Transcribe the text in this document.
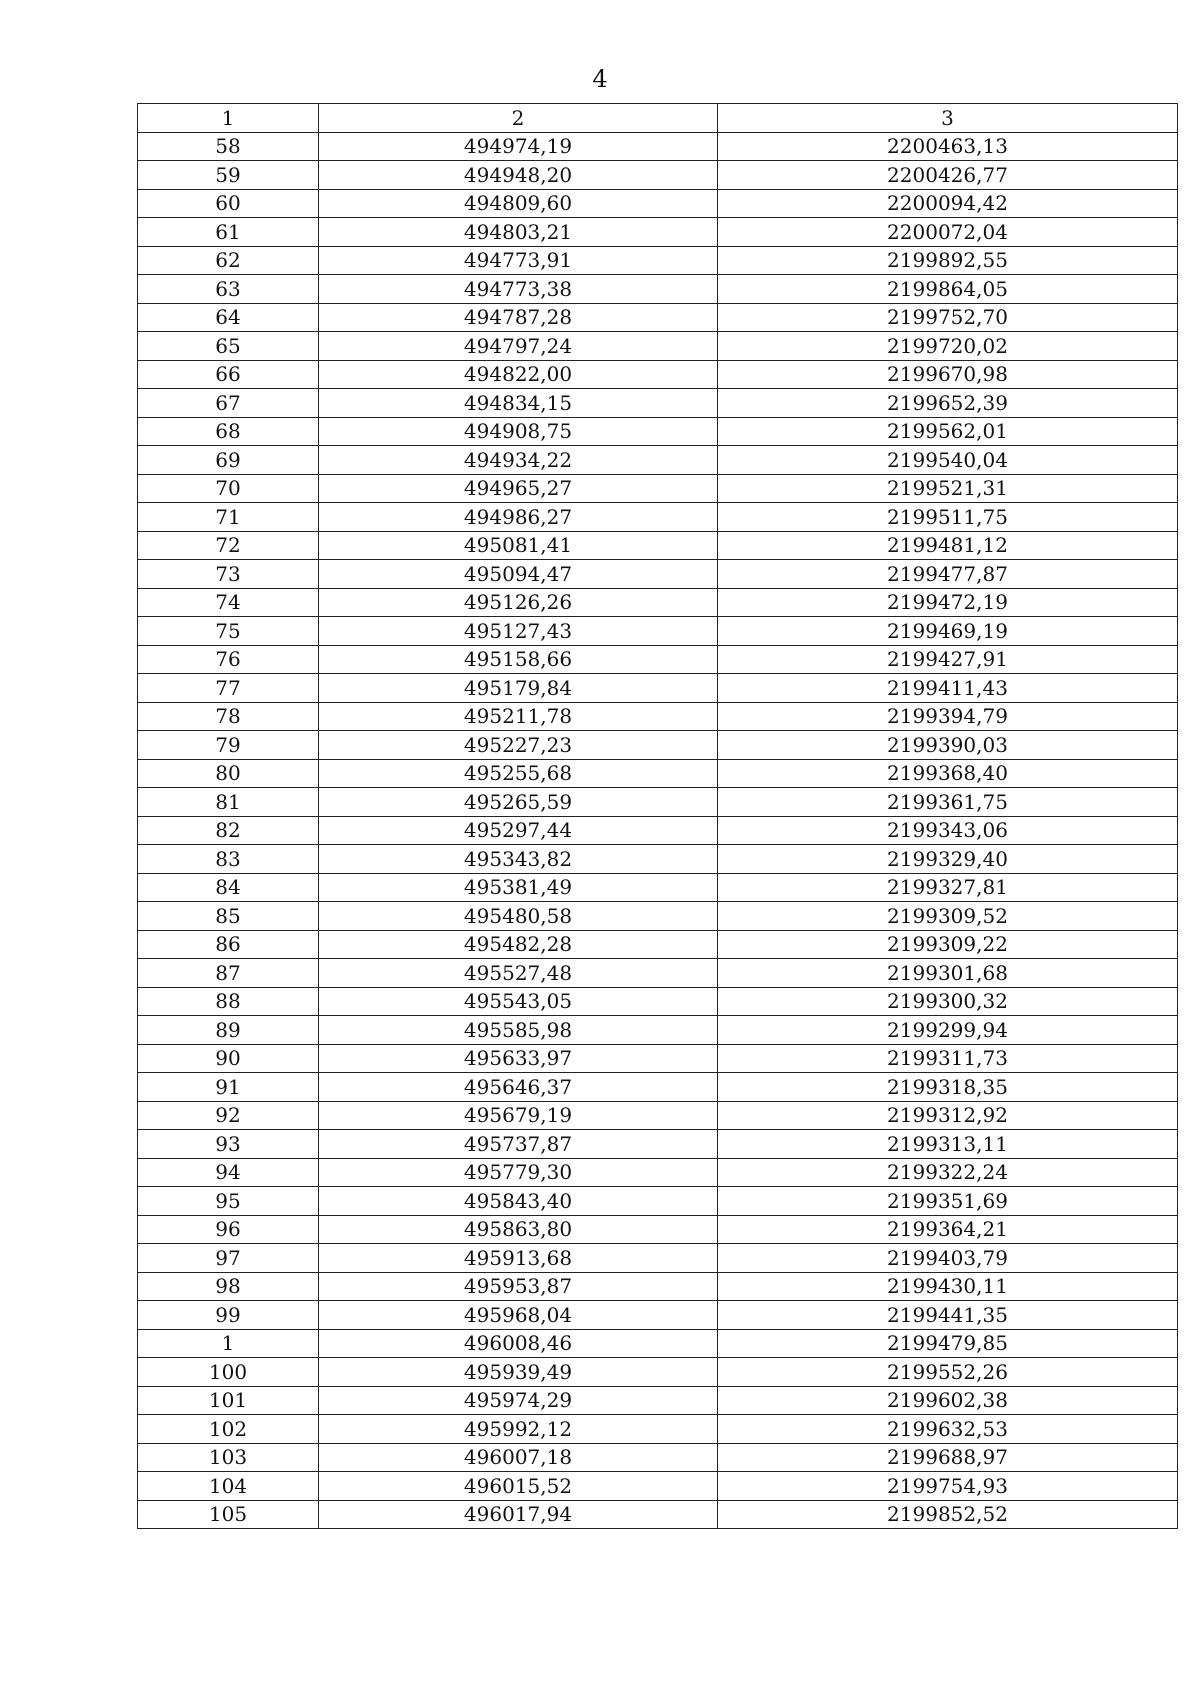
4
1	2	3
58	494974,19	2200463,13
59	494948,20	2200426,77
60	494809,60	2200094,42
61	494803,21	2200072,04
62	494773,91	2199892,55
63	494773,38	2199864,05
64	494787,28	2199752,70
65	494797,24	2199720,02
66	494822,00	2199670,98
67	494834,15	2199652,39
68	494908,75	2199562,01
69	494934,22	2199540,04
70	494965,27	2199521,31
71	494986,27	2199511,75
72	495081,41	2199481,12
73	495094,47	2199477,87
74	495126,26	2199472,19
75	495127,43	2199469,19
76	495158,66	2199427,91
77	495179,84	2199411,43
78	495211,78	2199394,79
79	495227,23	2199390,03
80	495255,68	2199368,40
81	495265,59	2199361,75
82	495297,44	2199343,06
83	495343,82	2199329,40
84	495381,49	2199327,81
85	495480,58	2199309,52
86	495482,28	2199309,22
87	495527,48	2199301,68
88	495543,05	2199300,32
89	495585,98	2199299,94
90	495633,97	2199311,73
91	495646,37	2199318,35
92	495679,19	2199312,92
93	495737,87	2199313,11
94	495779,30	2199322,24
95	495843,40	2199351,69
96	495863,80	2199364,21
97	495913,68	2199403,79
98	495953,87	2199430,11
99	495968,04	2199441,35
1	496008,46	2199479,85
100	495939,49	2199552,26
101	495974,29	2199602,38
102	495992,12	2199632,53
103	496007,18	2199688,97
104	496015,52	2199754,93
105	496017,94	2199852,52
